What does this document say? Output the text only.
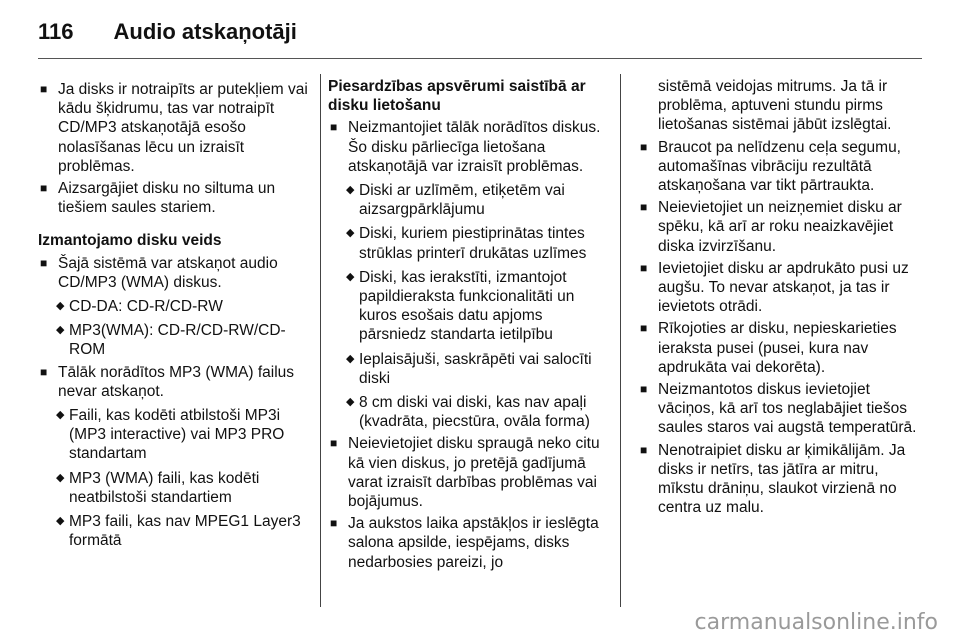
116 Audio atskaņotāji
■ Ja disks ir notraipīts ar putekļiem vai kādu šķidrumu, tas var notraipīt CD/MP3 atskaņotājā esošo nolasīšanas lēcu un izraisīt problēmas.
■ Aizsargājiet disku no siltuma un tiešiem saules stariem.
Izmantojamo disku veids
■ Šajā sistēmā var atskaņot audio CD/MP3 (WMA) diskus.
◆ CD-DA: CD-R/CD-RW
◆ MP3(WMA): CD-R/CD-RW/CD-ROM
■ Tālāk norādītos MP3 (WMA) failus nevar atskaņot.
◆ Faili, kas kodēti atbilstoši MP3i (MP3 interactive) vai MP3 PRO standartam
◆ MP3 (WMA) faili, kas kodēti neatbilstoši standartiem
◆ MP3 faili, kas nav MPEG1 Layer3 formātā
Piesardzības apsvērumi saistībā ar disku lietošanu
■ Neizmantojiet tālāk norādītos diskus. Šo disku pārliecīga lietošana atskaņotājā var izraisīt problēmas.
◆ Diski ar uzlīmēm, etiķetēm vai aizsargpārklājumu
◆ Diski, kuriem piestiprinātas tintes strūklas printerī drukātas uzlīmes
◆ Diski, kas ierakstīti, izmantojot papildieraksta funkcionalitāti un kuros esošais datu apjoms pārsniedz standarta ietilpību
◆ Ieplaisājuši, saskrāpēti vai salocīti diski
◆ 8 cm diski vai diski, kas nav apaļi (kvadrāta, piecstūra, ovāla forma)
■ Neievietojiet disku spraugā neko citu kā vien diskus, jo pretējā gadījumā varat izraisīt darbības problēmas vai bojājumus.
■ Ja aukstos laika apstākļos ir ieslēgta salona apsilde, iespējams, disks nedarbosies pareizi, jo
sistēmā veidojas mitrums. Ja tā ir problēma, aptuveni stundu pirms lietošanas sistēmai jābūt izslēgtai.
■ Braucot pa nelīdzenu ceļa segumu, automašīnas vibrāciju rezultātā atskaņošana var tikt pārtraukta.
■ Neievietojiet un neizņemiet disku ar spēku, kā arī ar roku neaizkavējiet diska izvirzīšanu.
■ Ievietojiet disku ar apdrukāto pusi uz augšu. To nevar atskaņot, ja tas ir ievietots otrādi.
■ Rīkojoties ar disku, nepieskarieties ieraksta pusei (pusei, kura nav apdrukāta vai dekorēta).
■ Neizmantotos diskus ievietojiet vāciņos, kā arī tos neglabājiet tiešos saules staros vai augstā temperatūrā.
■ Nenotraipiet disku ar ķimikālijām. Ja disks ir netīrs, tas jātīra ar mitru, mīkstu drāniņu, slaukot virzienā no centra uz malu.
carmanualsonline.info
